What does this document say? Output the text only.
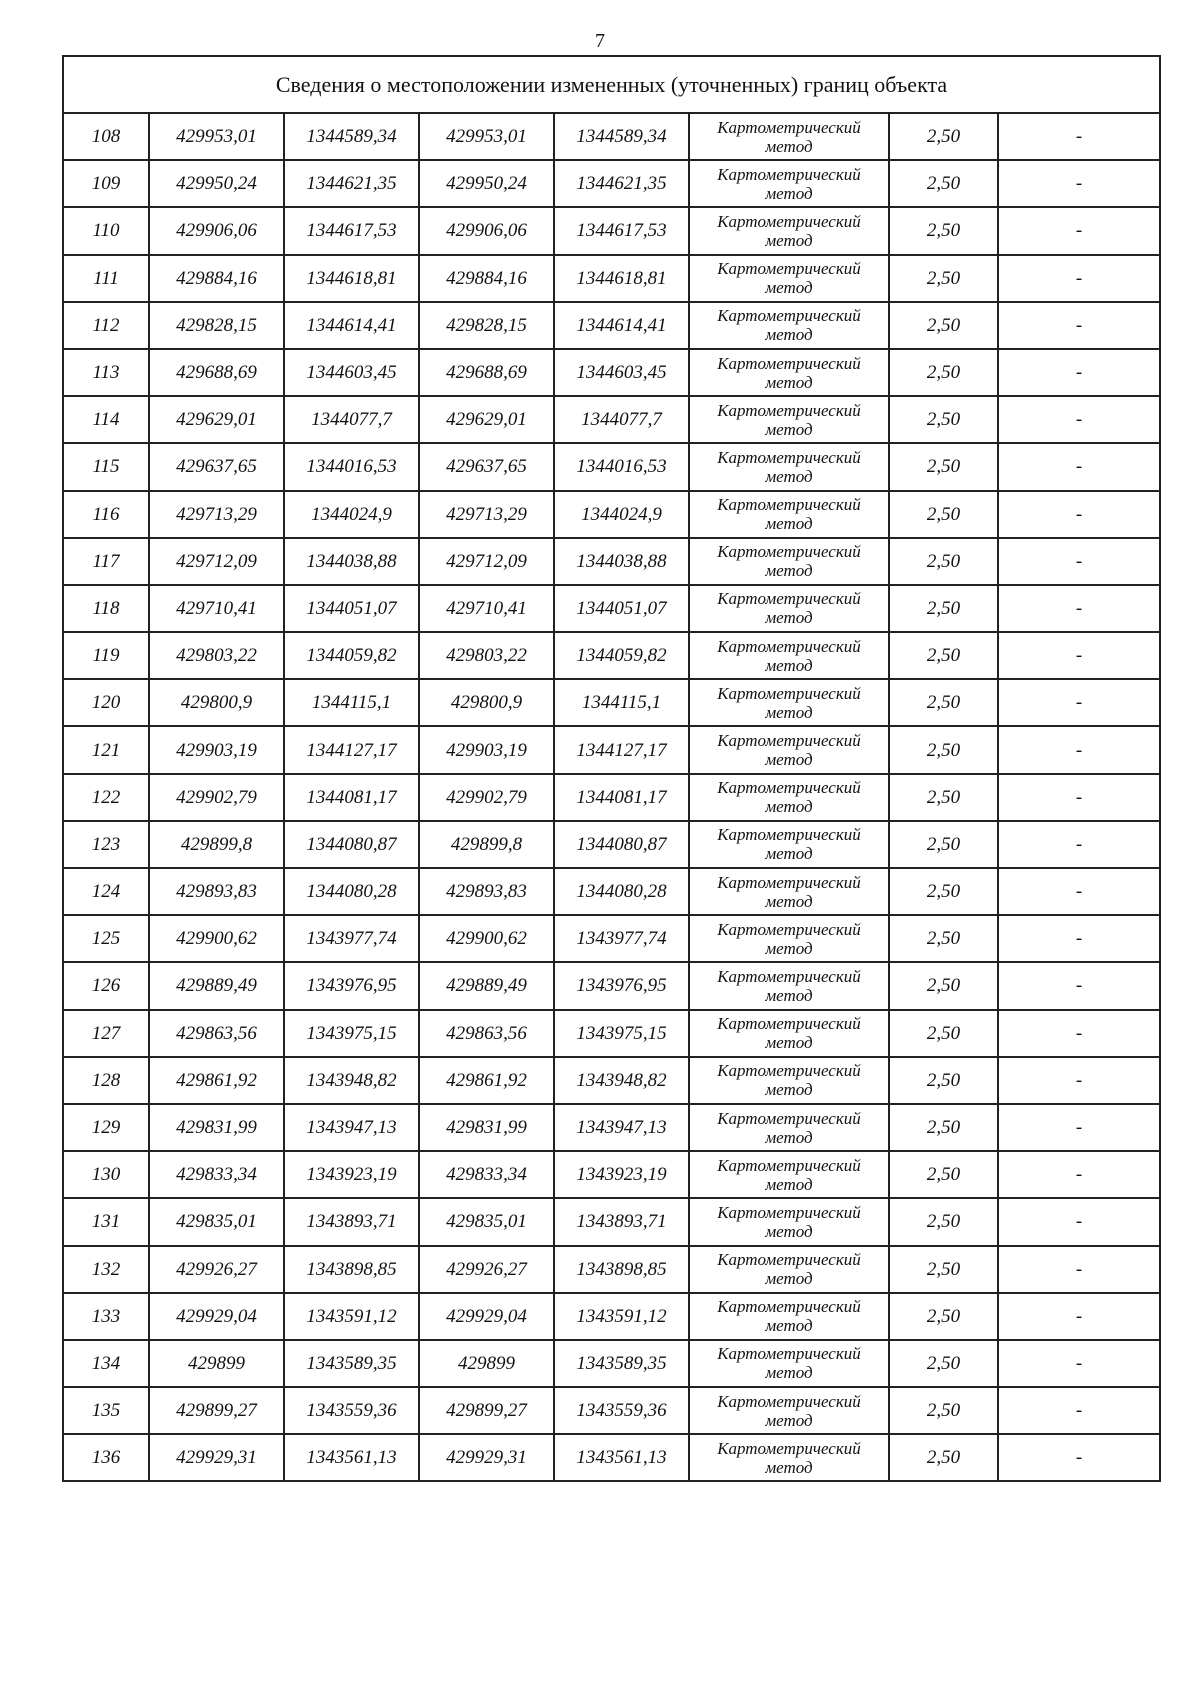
7
Сведения о местоположении измененных (уточненных) границ объекта							
108	429953,01	1344589,34	429953,01	1344589,34	Картометрический
метод	2,50	-
109	429950,24	1344621,35	429950,24	1344621,35	Картометрический
метод	2,50	-
110	429906,06	1344617,53	429906,06	1344617,53	Картометрический
метод	2,50	-
111	429884,16	1344618,81	429884,16	1344618,81	Картометрический
метод	2,50	-
112	429828,15	1344614,41	429828,15	1344614,41	Картометрический
метод	2,50	-
113	429688,69	1344603,45	429688,69	1344603,45	Картометрический
метод	2,50	-
114	429629,01	1344077,7	429629,01	1344077,7	Картометрический
метод	2,50	-
115	429637,65	1344016,53	429637,65	1344016,53	Картометрический
метод	2,50	-
116	429713,29	1344024,9	429713,29	1344024,9	Картометрический
метод	2,50	-
117	429712,09	1344038,88	429712,09	1344038,88	Картометрический
метод	2,50	-
118	429710,41	1344051,07	429710,41	1344051,07	Картометрический
метод	2,50	-
119	429803,22	1344059,82	429803,22	1344059,82	Картометрический
метод	2,50	-
120	429800,9	1344115,1	429800,9	1344115,1	Картометрический
метод	2,50	-
121	429903,19	1344127,17	429903,19	1344127,17	Картометрический
метод	2,50	-
122	429902,79	1344081,17	429902,79	1344081,17	Картометрический
метод	2,50	-
123	429899,8	1344080,87	429899,8	1344080,87	Картометрический
метод	2,50	-
124	429893,83	1344080,28	429893,83	1344080,28	Картометрический
метод	2,50	-
125	429900,62	1343977,74	429900,62	1343977,74	Картометрический
метод	2,50	-
126	429889,49	1343976,95	429889,49	1343976,95	Картометрический
метод	2,50	-
127	429863,56	1343975,15	429863,56	1343975,15	Картометрический
метод	2,50	-
128	429861,92	1343948,82	429861,92	1343948,82	Картометрический
метод	2,50	-
129	429831,99	1343947,13	429831,99	1343947,13	Картометрический
метод	2,50	-
130	429833,34	1343923,19	429833,34	1343923,19	Картометрический
метод	2,50	-
131	429835,01	1343893,71	429835,01	1343893,71	Картометрический
метод	2,50	-
132	429926,27	1343898,85	429926,27	1343898,85	Картометрический
метод	2,50	-
133	429929,04	1343591,12	429929,04	1343591,12	Картометрический
метод	2,50	-
134	429899	1343589,35	429899	1343589,35	Картометрический
метод	2,50	-
135	429899,27	1343559,36	429899,27	1343559,36	Картометрический
метод	2,50	-
136	429929,31	1343561,13	429929,31	1343561,13	Картометрический
метод	2,50	-
